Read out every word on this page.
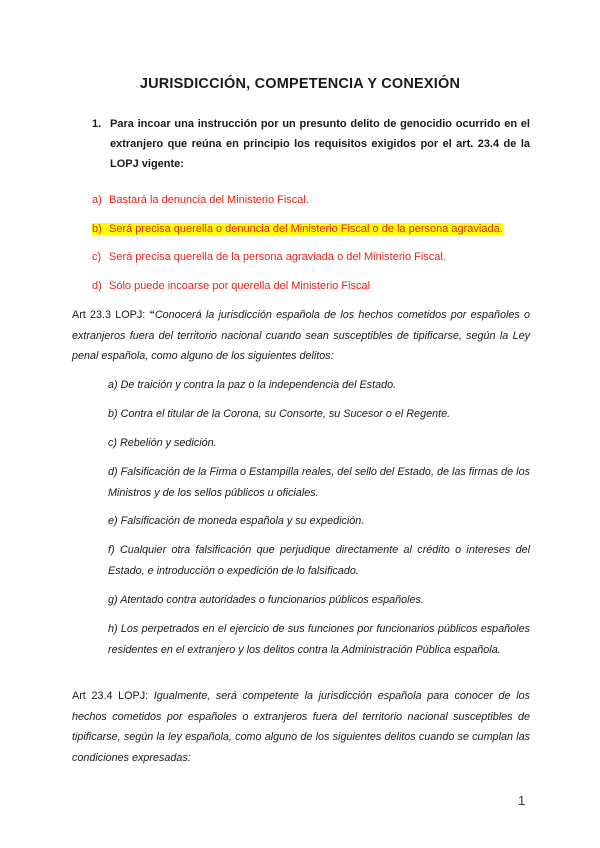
JURISDICCIÓN, COMPETENCIA Y CONEXIÓN
1. Para incoar una instrucción por un presunto delito de genocidio ocurrido en el extranjero que reúna en principio los requisitos exigidos por el art. 23.4 de la LOPJ vigente:
a) Bastará la denuncia del Ministerio Fiscal.
b) Será precisa querella o denuncia del Ministerio Fiscal o de la persona agraviada.
c) Será precisa querella de la persona agraviada o del Ministerio Fiscal.
d) Sólo puede incoarse por querella del Ministerio Fiscal
Art 23.3 LOPJ: “Conocerá la jurisdicción española de los hechos cometidos por españoles o extranjeros fuera del territorio nacional cuando sean susceptibles de tipificarse, según la Ley penal española, como alguno de los siguientes delitos:
a) De traición y contra la paz o la independencia del Estado.
b) Contra el titular de la Corona, su Consorte, su Sucesor o el Regente.
c) Rebelión y sedición.
d) Falsificación de la Firma o Estampilla reales, del sello del Estado, de las firmas de los Ministros y de los sellos públicos u oficiales.
e) Falsificación de moneda española y su expedición.
f) Cualquier otra falsificación que perjudique directamente al crédito o intereses del Estado, e introducción o expedición de lo falsificado.
g) Atentado contra autoridades o funcionarios públicos españoles.
h) Los perpetrados en el ejercicio de sus funciones por funcionarios públicos españoles residentes en el extranjero y los delitos contra la Administración Pública española.
Art 23.4 LOPJ: Igualmente, será competente la jurisdicción española para conocer de los hechos cometidos por españoles o extranjeros fuera del territorio nacional susceptibles de tipificarse, según la ley española, como alguno de los siguientes delitos cuando se cumplan las condiciones expresadas:
1
